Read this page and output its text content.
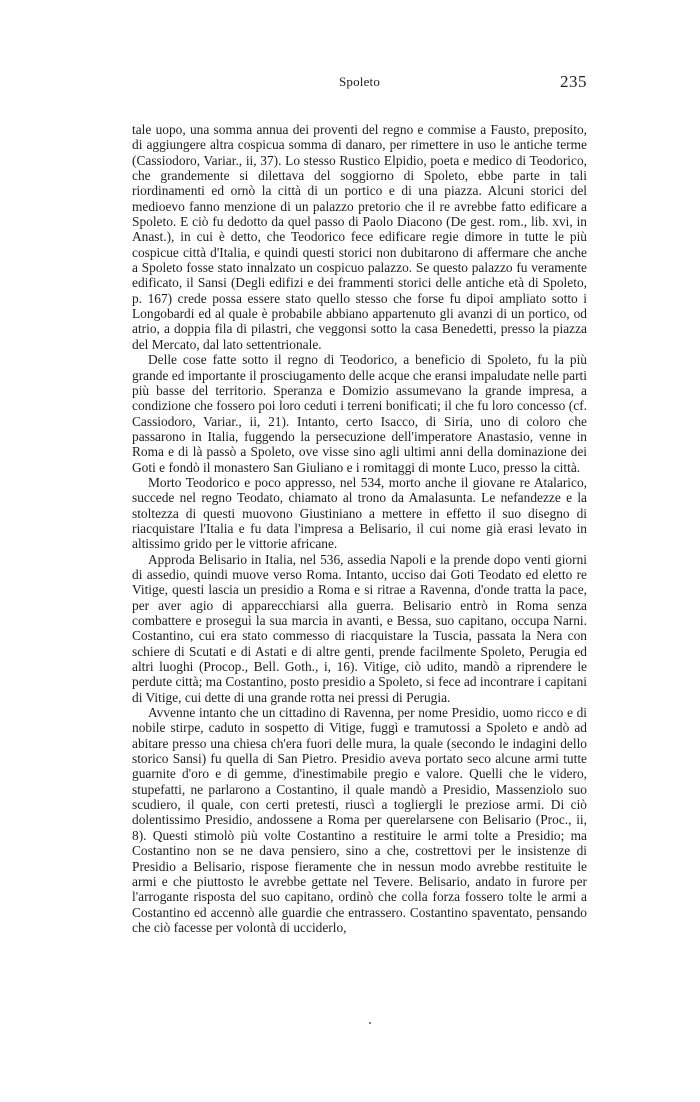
Spoleto	235

tale uopo, una somma annua dei proventi del regno e commise a Fausto, preposito, di aggiungere altra cospicua somma di danaro, per rimettere in uso le antiche terme (Cassiodoro, Variar., ii, 37). Lo stesso Rustico Elpidio, poeta e medico di Teodorico, che grandemente si dilettava del soggiorno di Spoleto, ebbe parte in tali riordinamenti ed ornò la città di un portico e di una piazza. Alcuni storici del medioevo fanno menzione di un palazzo pretorio che il re avrebbe fatto edificare a Spoleto. E ciò fu dedotto da quel passo di Paolo Diacono (De gest. rom., lib. xvi, in Anast.), in cui è detto, che Teodorico fece edificare regie dimore in tutte le più cospicue città d'Italia, e quindi questi storici non dubitarono di affermare che anche a Spoleto fosse stato innalzato un cospicuo palazzo. Se questo palazzo fu veramente edificato, il Sansi (Degli edifizi e dei frammenti storici delle antiche età di Spoleto, p. 167) crede possa essere stato quello stesso che forse fu dipoi ampliato sotto i Longobardi ed al quale è probabile abbiano appartenuto gli avanzi di un portico, od atrio, a doppia fila di pilastri, che veggonsi sotto la casa Benedetti, presso la piazza del Mercato, dal lato settentrionale.

Delle cose fatte sotto il regno di Teodorico, a beneficio di Spoleto, fu la più grande ed importante il prosciugamento delle acque che eransi impaludate nelle parti più basse del territorio. Speranza e Domizio assumevano la grande impresa, a condizione che fossero poi loro ceduti i terreni bonificati; il che fu loro concesso (cf. Cassiodoro, Variar., ii, 21). Intanto, certo Isacco, di Siria, uno di coloro che passarono in Italia, fuggendo la persecuzione dell'imperatore Anastasio, venne in Roma e di là passò a Spoleto, ove visse sino agli ultimi anni della dominazione dei Goti e fondò il monastero San Giuliano e i romitaggi di monte Luco, presso la città.

Morto Teodorico e poco appresso, nel 534, morto anche il giovane re Atalarico, succede nel regno Teodato, chiamato al trono da Amalasunta. Le nefandezze e la stoltezza di questi muovono Giustiniano a mettere in effetto il suo disegno di riacquistare l'Italia e fu data l'impresa a Belisario, il cui nome già erasi levato in altissimo grido per le vittorie africane.

Approda Belisario in Italia, nel 536, assedia Napoli e la prende dopo venti giorni di assedio, quindi muove verso Roma. Intanto, ucciso dai Goti Teodato ed eletto re Vitige, questi lascia un presidio a Roma e si ritrae a Ravenna, d'onde tratta la pace, per aver agio di apparecchiarsi alla guerra. Belisario entrò in Roma senza combattere e proseguì la sua marcia in avanti, e Bessa, suo capitano, occupa Narni. Costantino, cui era stato commesso di riacquistare la Tuscia, passata la Nera con schiere di Scutati e di Astati e di altre genti, prende facilmente Spoleto, Perugia ed altri luoghi (Procop., Bell. Goth., i, 16). Vitige, ciò udito, mandò a riprendere le perdute città; ma Costantino, posto presidio a Spoleto, si fece ad incontrare i capitani di Vitige, cui dette di una grande rotta nei pressi di Perugia.

Avvenne intanto che un cittadino di Ravenna, per nome Presidio, uomo ricco e di nobile stirpe, caduto in sospetto di Vitige, fuggì e tramutossi a Spoleto e andò ad abitare presso una chiesa ch'era fuori delle mura, la quale (secondo le indagini dello storico Sansi) fu quella di San Pietro. Presidio aveva portato seco alcune armi tutte guarnite d'oro e di gemme, d'inestimabile pregio e valore. Quelli che le videro, stupefatti, ne parlarono a Costantino, il quale mandò a Presidio, Massenziolo suo scudiero, il quale, con certi pretesti, riuscì a togliergli le preziose armi. Di ciò dolentissimo Presidio, andossene a Roma per querelarsene con Belisario (Proc., ii, 8). Questi stimolò più volte Costantino a restituire le armi tolte a Presidio; ma Costantino non se ne dava pensiero, sino a che, costrettovi per le insistenze di Presidio a Belisario, rispose fieramente che in nessun modo avrebbe restituite le armi e che piuttosto le avrebbe gettate nel Tevere. Belisario, andato in furore per l'arrogante risposta del suo capitano, ordinò che colla forza fossero tolte le armi a Costantino ed accennò alle guardie che entrassero. Costantino spaventato, pensando che ciò facesse per volontà di ucciderlo,
